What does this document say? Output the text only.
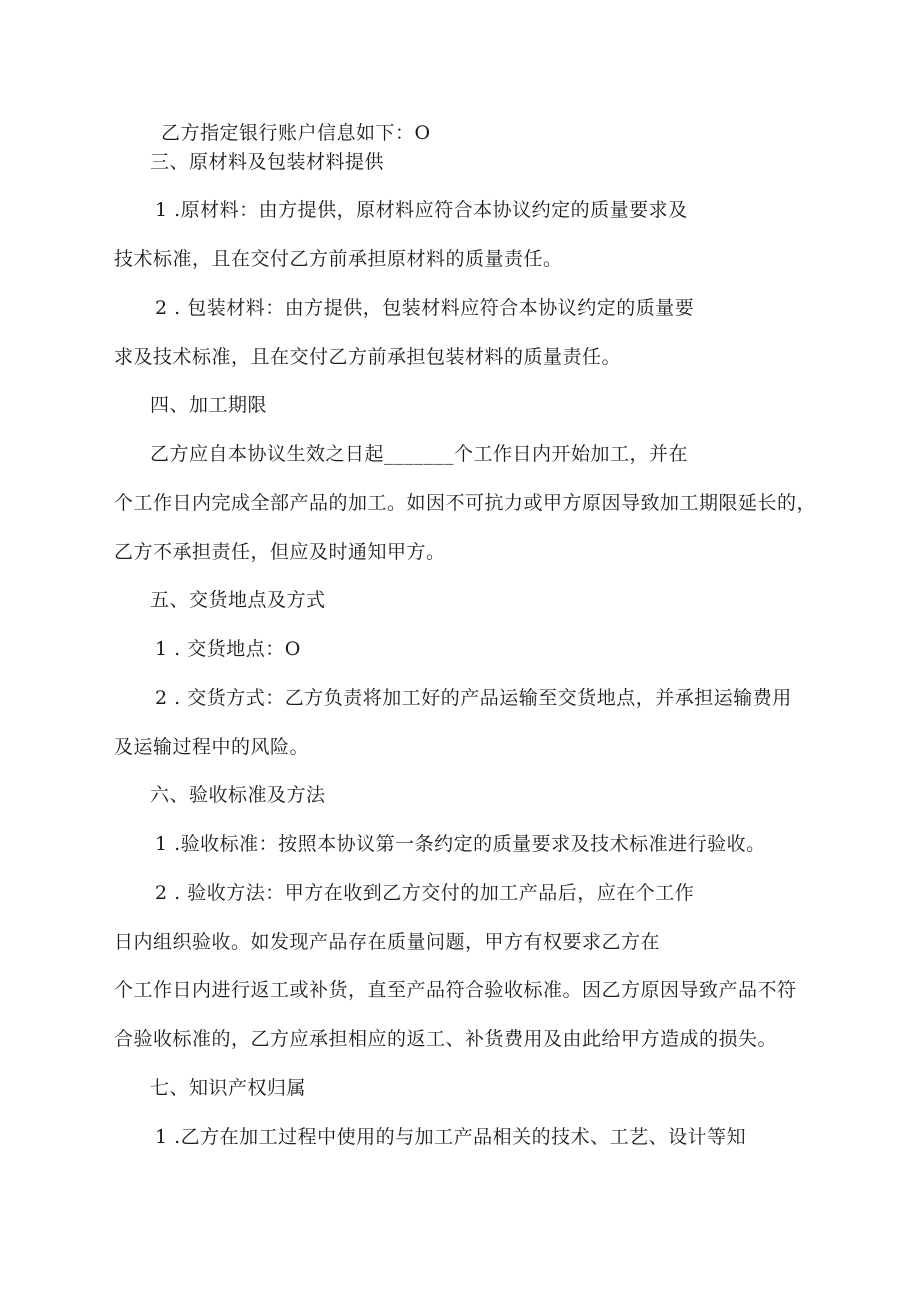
乙方指定银行账户信息如下：O
三、原材料及包装材料提供
1 .原材料：由方提供，原材料应符合本协议约定的质量要求及
技术标准，且在交付乙方前承担原材料的质量责任。
2 . 包装材料：由方提供，包装材料应符合本协议约定的质量要
求及技术标准，且在交付乙方前承担包装材料的质量责任。
四、加工期限
乙方应自本协议生效之日起_______个工作日内开始加工，并在
个工作日内完成全部产品的加工。如因不可抗力或甲方原因导致加工期限延长的，
乙方不承担责任，但应及时通知甲方。
五、交货地点及方式
1 . 交货地点：O
2 . 交货方式：乙方负责将加工好的产品运输至交货地点，并承担运输费用
及运输过程中的风险。
六、验收标准及方法
1 .验收标准：按照本协议第一条约定的质量要求及技术标准进行验收。
2 . 验收方法：甲方在收到乙方交付的加工产品后，应在个工作
日内组织验收。如发现产品存在质量问题，甲方有权要求乙方在
个工作日内进行返工或补货，直至产品符合验收标准。因乙方原因导致产品不符
合验收标准的，乙方应承担相应的返工、补货费用及由此给甲方造成的损失。
七、知识产权归属
1 .乙方在加工过程中使用的与加工产品相关的技术、工艺、设计等知
